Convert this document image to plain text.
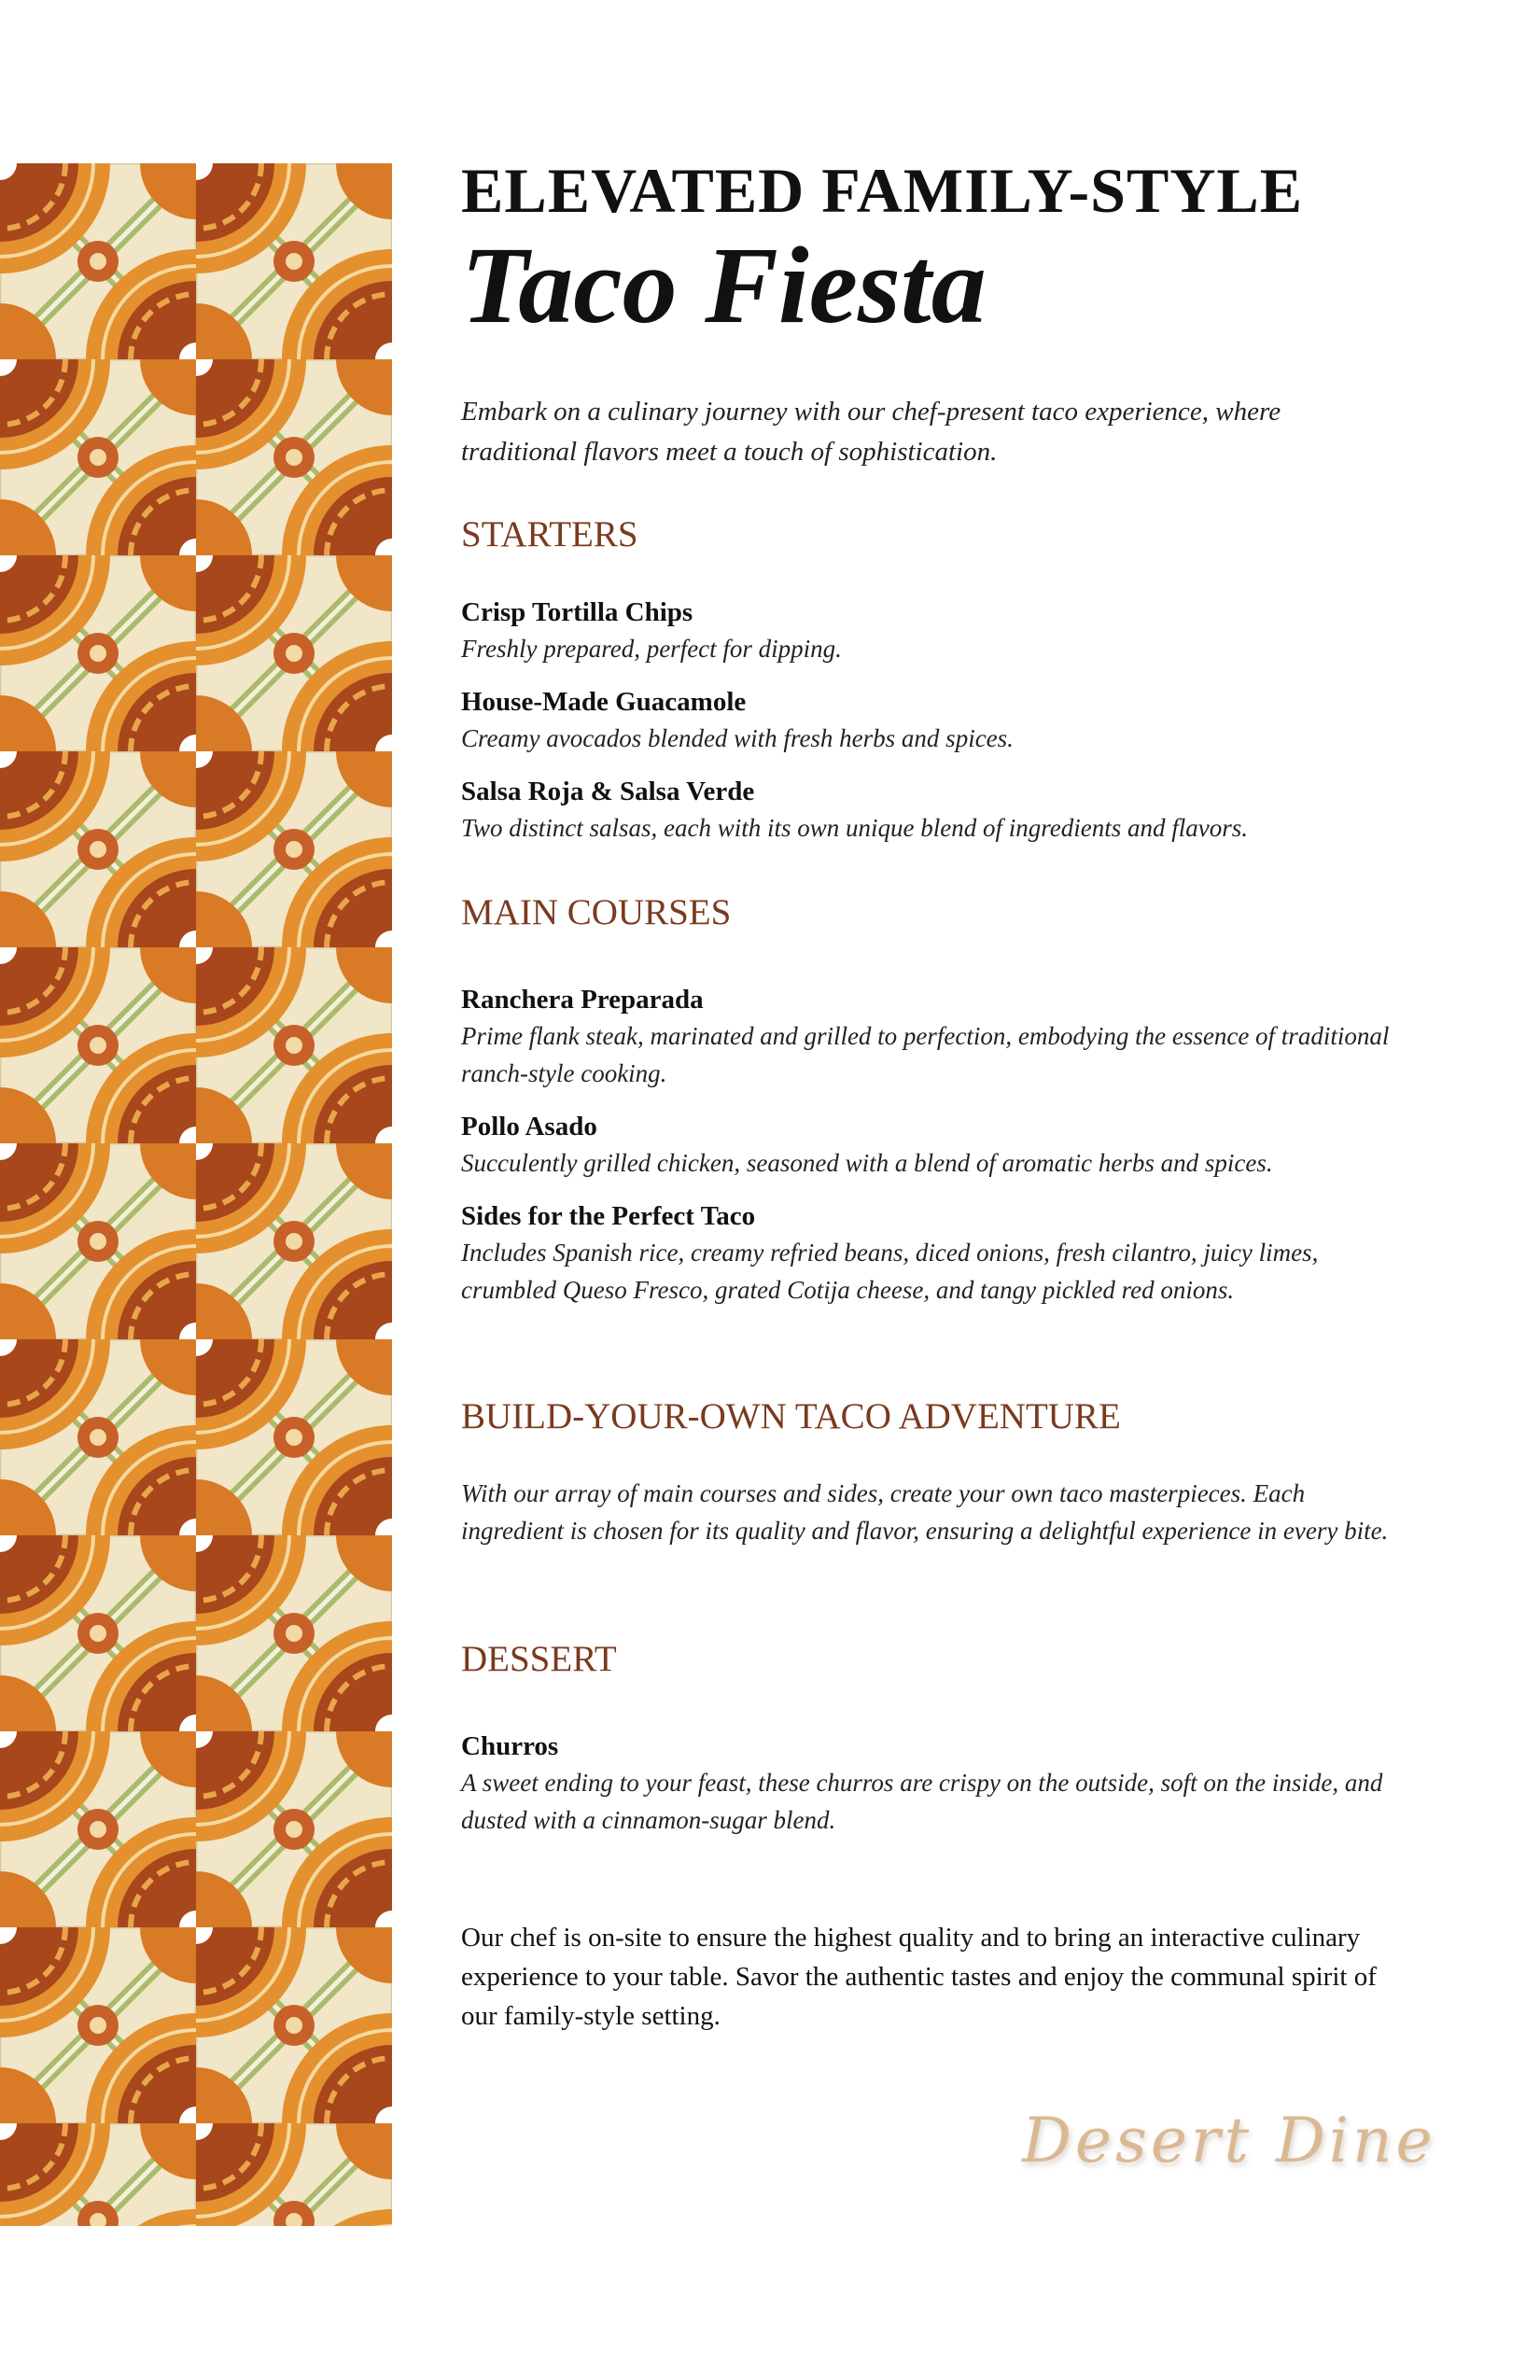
ELEVATED FAMILY-STYLE
Taco Fiesta

Embark on a culinary journey with our chef-present taco experience, where traditional flavors meet a touch of sophistication.

STARTERS

Crisp Tortilla Chips

Freshly prepared, perfect for dipping.

House-Made Guacamole

Creamy avocados blended with fresh herbs and spices.

Salsa Roja & Salsa Verde

Two distinct salsas, each with its own unique blend of ingredients and flavors.

MAIN COURSES

Ranchera Preparada

Prime flank steak, marinated and grilled to perfection, embodying the essence of traditional ranch-style cooking.

Pollo Asado

Succulently grilled chicken, seasoned with a blend of aromatic herbs and spices.

Sides for the Perfect Taco

Includes Spanish rice, creamy refried beans, diced onions, fresh cilantro, juicy limes, crumbled Queso Fresco, grated Cotija cheese, and tangy pickled red onions.

BUILD-YOUR-OWN TACO ADVENTURE

With our array of main courses and sides, create your own taco masterpieces. Each ingredient is chosen for its quality and flavor, ensuring a delightful experience in every bite.

DESSERT

Churros

A sweet ending to your feast, these churros are crispy on the outside, soft on the inside, and dusted with a cinnamon-sugar blend.

Our chef is on-site to ensure the highest quality and to bring an interactive culinary experience to your table. Savor the authentic tastes and enjoy the communal spirit of our family-style setting.

Desert Dine
